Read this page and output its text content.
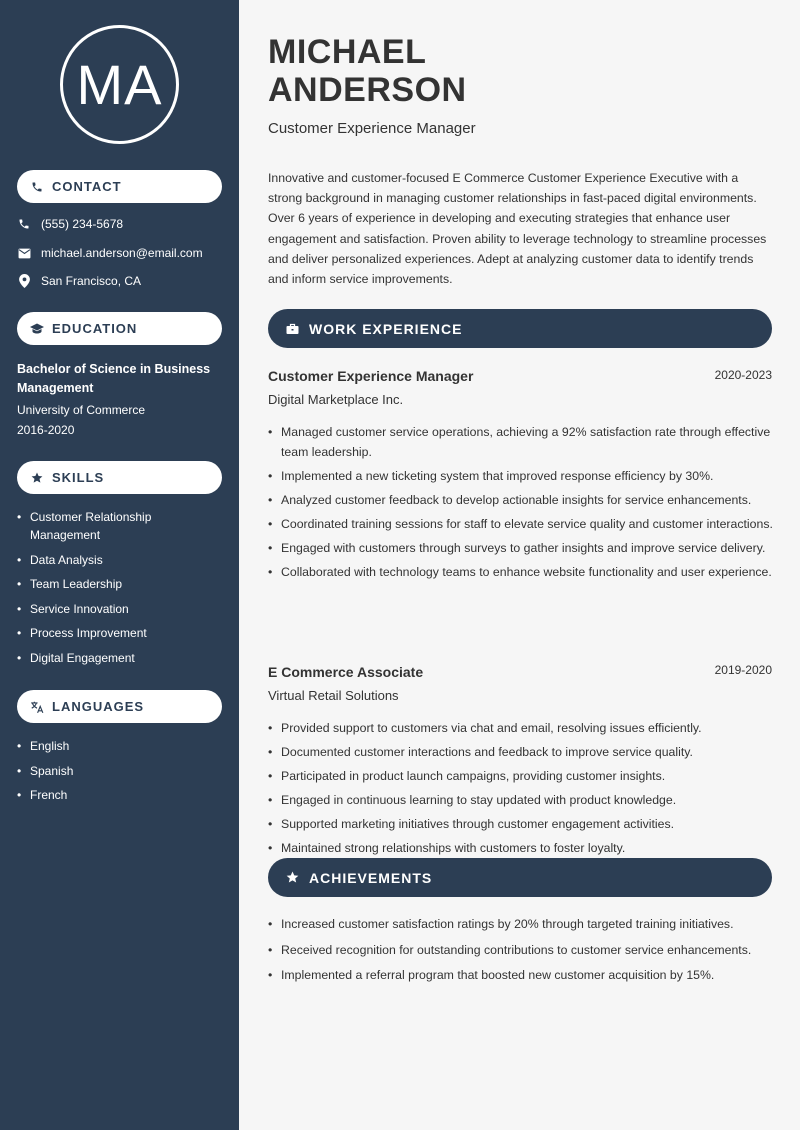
MA
CONTACT
(555) 234-5678
michael.anderson@email.com
San Francisco, CA
EDUCATION
Bachelor of Science in Business Management
University of Commerce
2016-2020
SKILLS
• Customer Relationship Management
• Data Analysis
• Team Leadership
• Service Innovation
• Process Improvement
• Digital Engagement
LANGUAGES
• English
• Spanish
• French
MICHAEL ANDERSON
Customer Experience Manager
Innovative and customer-focused E Commerce Customer Experience Executive with a strong background in managing customer relationships in fast-paced digital environments. Over 6 years of experience in developing and executing strategies that enhance user engagement and satisfaction. Proven ability to leverage technology to streamline processes and deliver personalized experiences. Adept at analyzing customer data to identify trends and inform service improvements.
WORK EXPERIENCE
Customer Experience Manager	2020-2023
Digital Marketplace Inc.
• Managed customer service operations, achieving a 92% satisfaction rate through effective team leadership.
• Implemented a new ticketing system that improved response efficiency by 30%.
• Analyzed customer feedback to develop actionable insights for service enhancements.
• Coordinated training sessions for staff to elevate service quality and customer interactions.
• Engaged with customers through surveys to gather insights and improve service delivery.
• Collaborated with technology teams to enhance website functionality and user experience.
E Commerce Associate	2019-2020
Virtual Retail Solutions
• Provided support to customers via chat and email, resolving issues efficiently.
• Documented customer interactions and feedback to improve service quality.
• Participated in product launch campaigns, providing customer insights.
• Engaged in continuous learning to stay updated with product knowledge.
• Supported marketing initiatives through customer engagement activities.
• Maintained strong relationships with customers to foster loyalty.
ACHIEVEMENTS
• Increased customer satisfaction ratings by 20% through targeted training initiatives.
• Received recognition for outstanding contributions to customer service enhancements.
• Implemented a referral program that boosted new customer acquisition by 15%.
